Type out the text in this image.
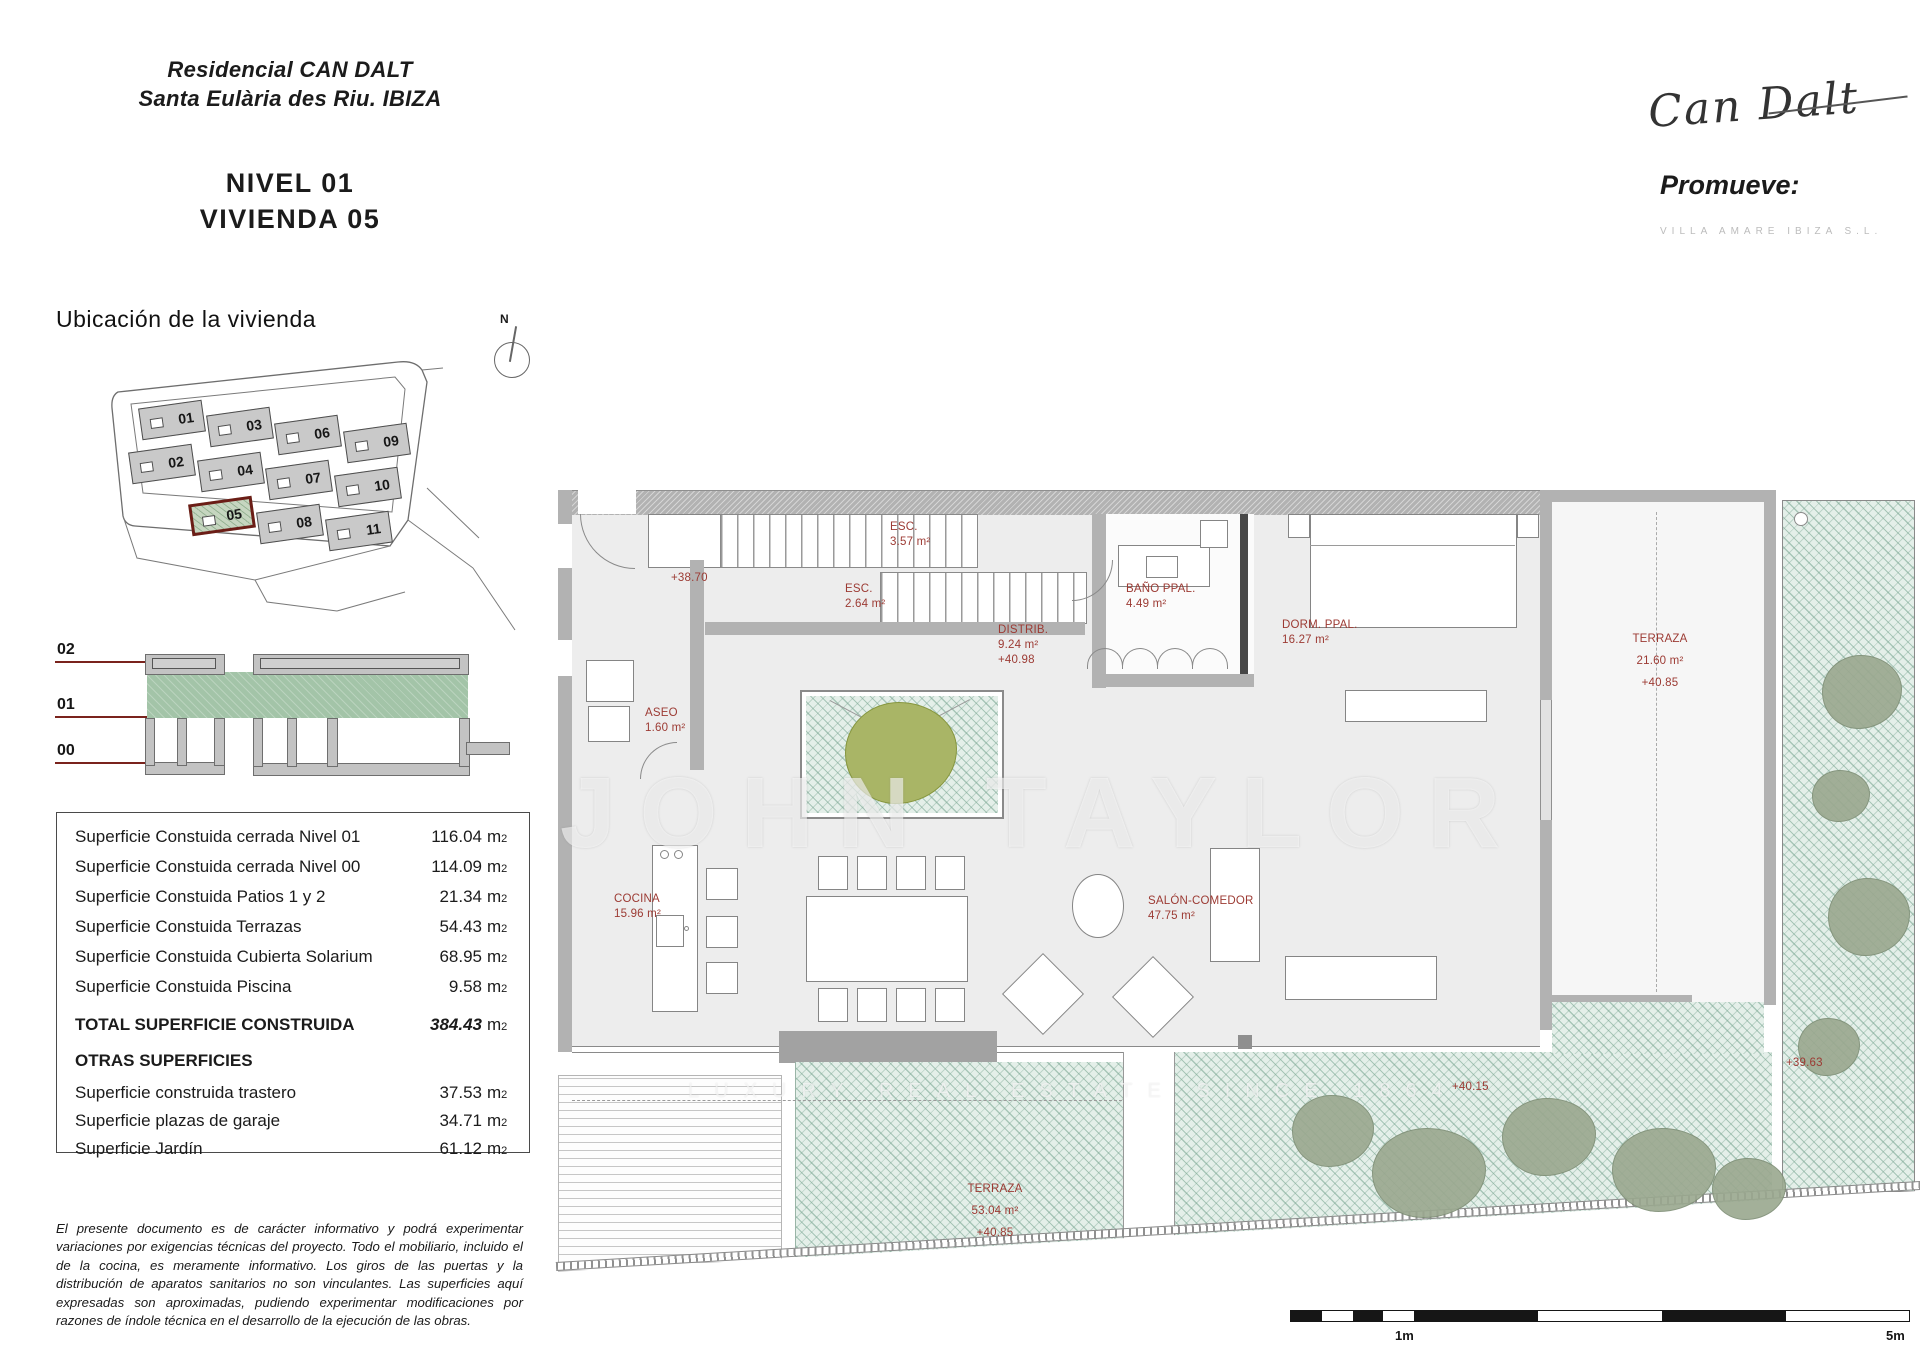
Residencial CAN DALT
Santa Eulària des Riu. IBIZA
NIVEL 01
VIVIENDA 05
Can Dalt
Promueve:
VILLA AMARE IBIZA S.L.
Ubicación de la vivienda	N
01	03	06	09
02	04	07	10
05	08	11
02
01
00
Superficie Constuida cerrada Nivel 01	116.04 m2
Superficie Constuida cerrada Nivel 00	114.09 m2
Superficie Constuida Patios 1 y 2	21.34 m2
Superficie Constuida Terrazas	54.43 m2
Superficie Constuida Cubierta Solarium	68.95 m2
Superficie Constuida Piscina	9.58 m2
TOTAL SUPERFICIE CONSTRUIDA	384.43 m2
OTRAS SUPERFICIES
Superficie construida trastero	37.53 m2
Superficie plazas de garaje	34.71 m2
Superficie Jardín	61.12 m2
El presente documento es de carácter informativo y podrá experimentar variaciones por exigencias técnicas del proyecto. Todo el mobiliario, incluido el de la cocina, es meramente informativo. Los giros de las puertas y la distribución de aparatos sanitarios no son vinculantes. Las superficies aquí expresadas son aproximadas, pudiendo experimentar modificaciones por razones de índole técnica en el desarrollo de la ejecución de las obras.
ESC.
3.57 m²
ESC.
2.64 m²
+38.70
DISTRIB.
9.24 m²
+40.98
BAÑO PPAL.
4.49 m²
DORM. PPAL.
16.27 m²	TERRAZA
21.60 m²
+40.85
ASEO
1.60 m²
COCINA
15.96 m²
SALÓN-COMEDOR
47.75 m²
TERRAZA
53.04 m²
+40.85
+40.15
+39.63
JOHN TAYLOR
LUXURY REAL ESTATE SINCE 1864
1m	5m
